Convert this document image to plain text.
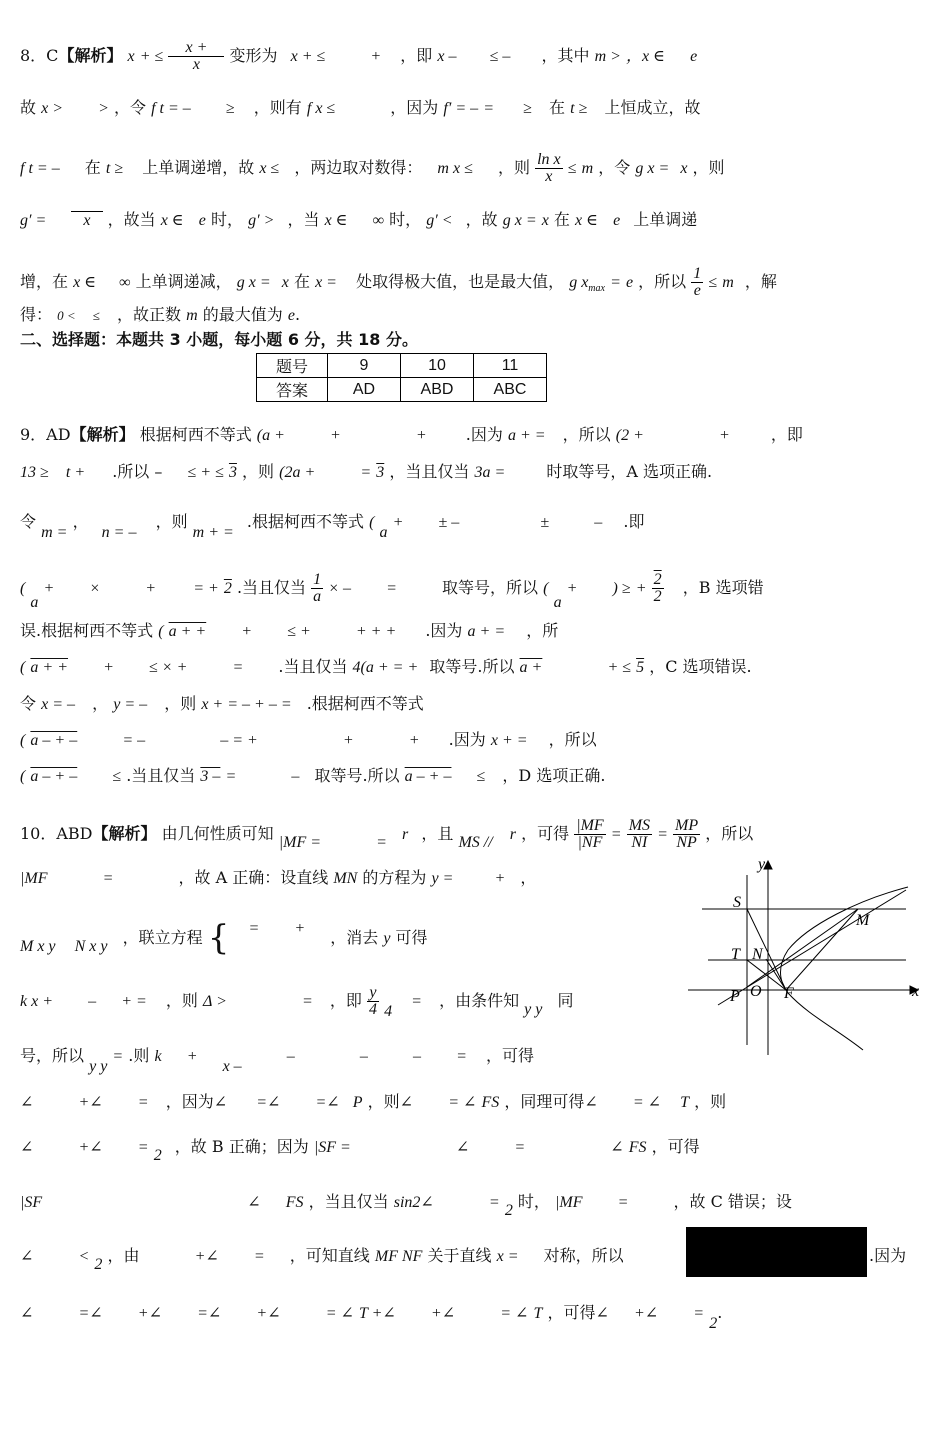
8．C【解析】 x + ≤ $\frac{x +}{x}$ 变形为 x + ≤	+ ，即 x – ≤ – ，其中 m > ，x ∈ e
故 x > > ，令 f t = – ≥ ，则有 f x ≤	，因为 f′ = – = ≥ 在 t ≥ 上恒成立，故
f t = – 在 t ≥ 上单调递增，故 x ≤ ，两边取对数得： m x ≤ ，则 $\frac{\text{ln x}}{x} \le m$ ，令 g x = x ，则
g′ = x ，故当 x ∈ e 时， g′ > ，当 x ∈ ∞ 时， g′ < ，故 g x = x 在 x ∈ e 上单调递
增，在 x ∈ ∞ 上单调递减， g x = x 在 x = 处取得极大值，也是最大值， g $x_{max} = e$ ，所以 $\frac{1}{e} \le m$ ，解
得： 0 < ≤ ，故正数 m 的最大值为 e.
二、选择题：本题共 3 小题，每小题 6 分，共 18 分。
题号	9	10	11
答案	AD	ABD	ABC
9．AD【解析】 根据柯西不等式 (a +	+	+ .因为 a + = ，所以 (2 +	+	，即
13 ≥ t + .所以 – ≤ + ≤ 3 ，则 (2a +	= 3 ，当且仅当 3a =	时取等号，A 选项正确.
令 m = ， n = – ，则 m + = .根据柯西不等式 ( a + ± –	±	– .即
( a + ×	+ = + 2 .当且仅当 $\frac{1}{a}$ × – =	取等号，所以 ( a + ) ≥ + $\frac{2}{2}$ ，B 选项错
误.根据柯西不等式 ( a + + + ≤ +	+ + + .因为 a + = ，所
( a + + + ≤ × +	= .当且仅当 4(a + = + 取等号.所以 a +	+ ≤ 5 ，C 选项错误.
令 x = – ， y = – ，则 x + = – + – = .根据柯西不等式
( a – + –	= –	– = +	+	+ .因为 x + = ，所以
( a – + – ≤ .当且仅当 3 – =	– 取等号.所以 a – + – ≤ ，D 选项正确.
10．ABD【解析】 由几何性质可知 |MF =	= r ，且 MS // r ，可得 $\frac{|MF}{|NF} = \frac{MS}{NI} = \frac{MP}{NP}$ ，所以
|MF	=	，故 A 正确：设直线 MN 的方程为 y =	+ ，
M x y N x y ，联立方程 { = + ，消去 y 可得
k x + – + = ，则 Δ >	= ，即 $\frac{y}{4} 4$ = ，由条件知 y y 同
号，所以 y y = .则 k + x – –	–	– = ，可得
∠	+∠ = ，因为∠ =∠ =∠ P ，则∠ = ∠ FS ，同理可得∠ = ∠ T ，则
∠	+∠ = 2 ，故 B 正确；因为 |SF =	∠	=	∠ FS ，可得
|SF	∠ FS ，当且仅当 sin2∠	= 2 时， |MF =	，故 C 错误；设
∠	< 2 ，由	+∠ = ，可知直线 MF NF 关于直线 x = 对称，所以	.因为
∠	=∠ +∠ =∠ +∠	= ∠ T +∠ +∠	= ∠ T ，可得∠ +∠ = 2.
y
x
S
T N
M
P O F
